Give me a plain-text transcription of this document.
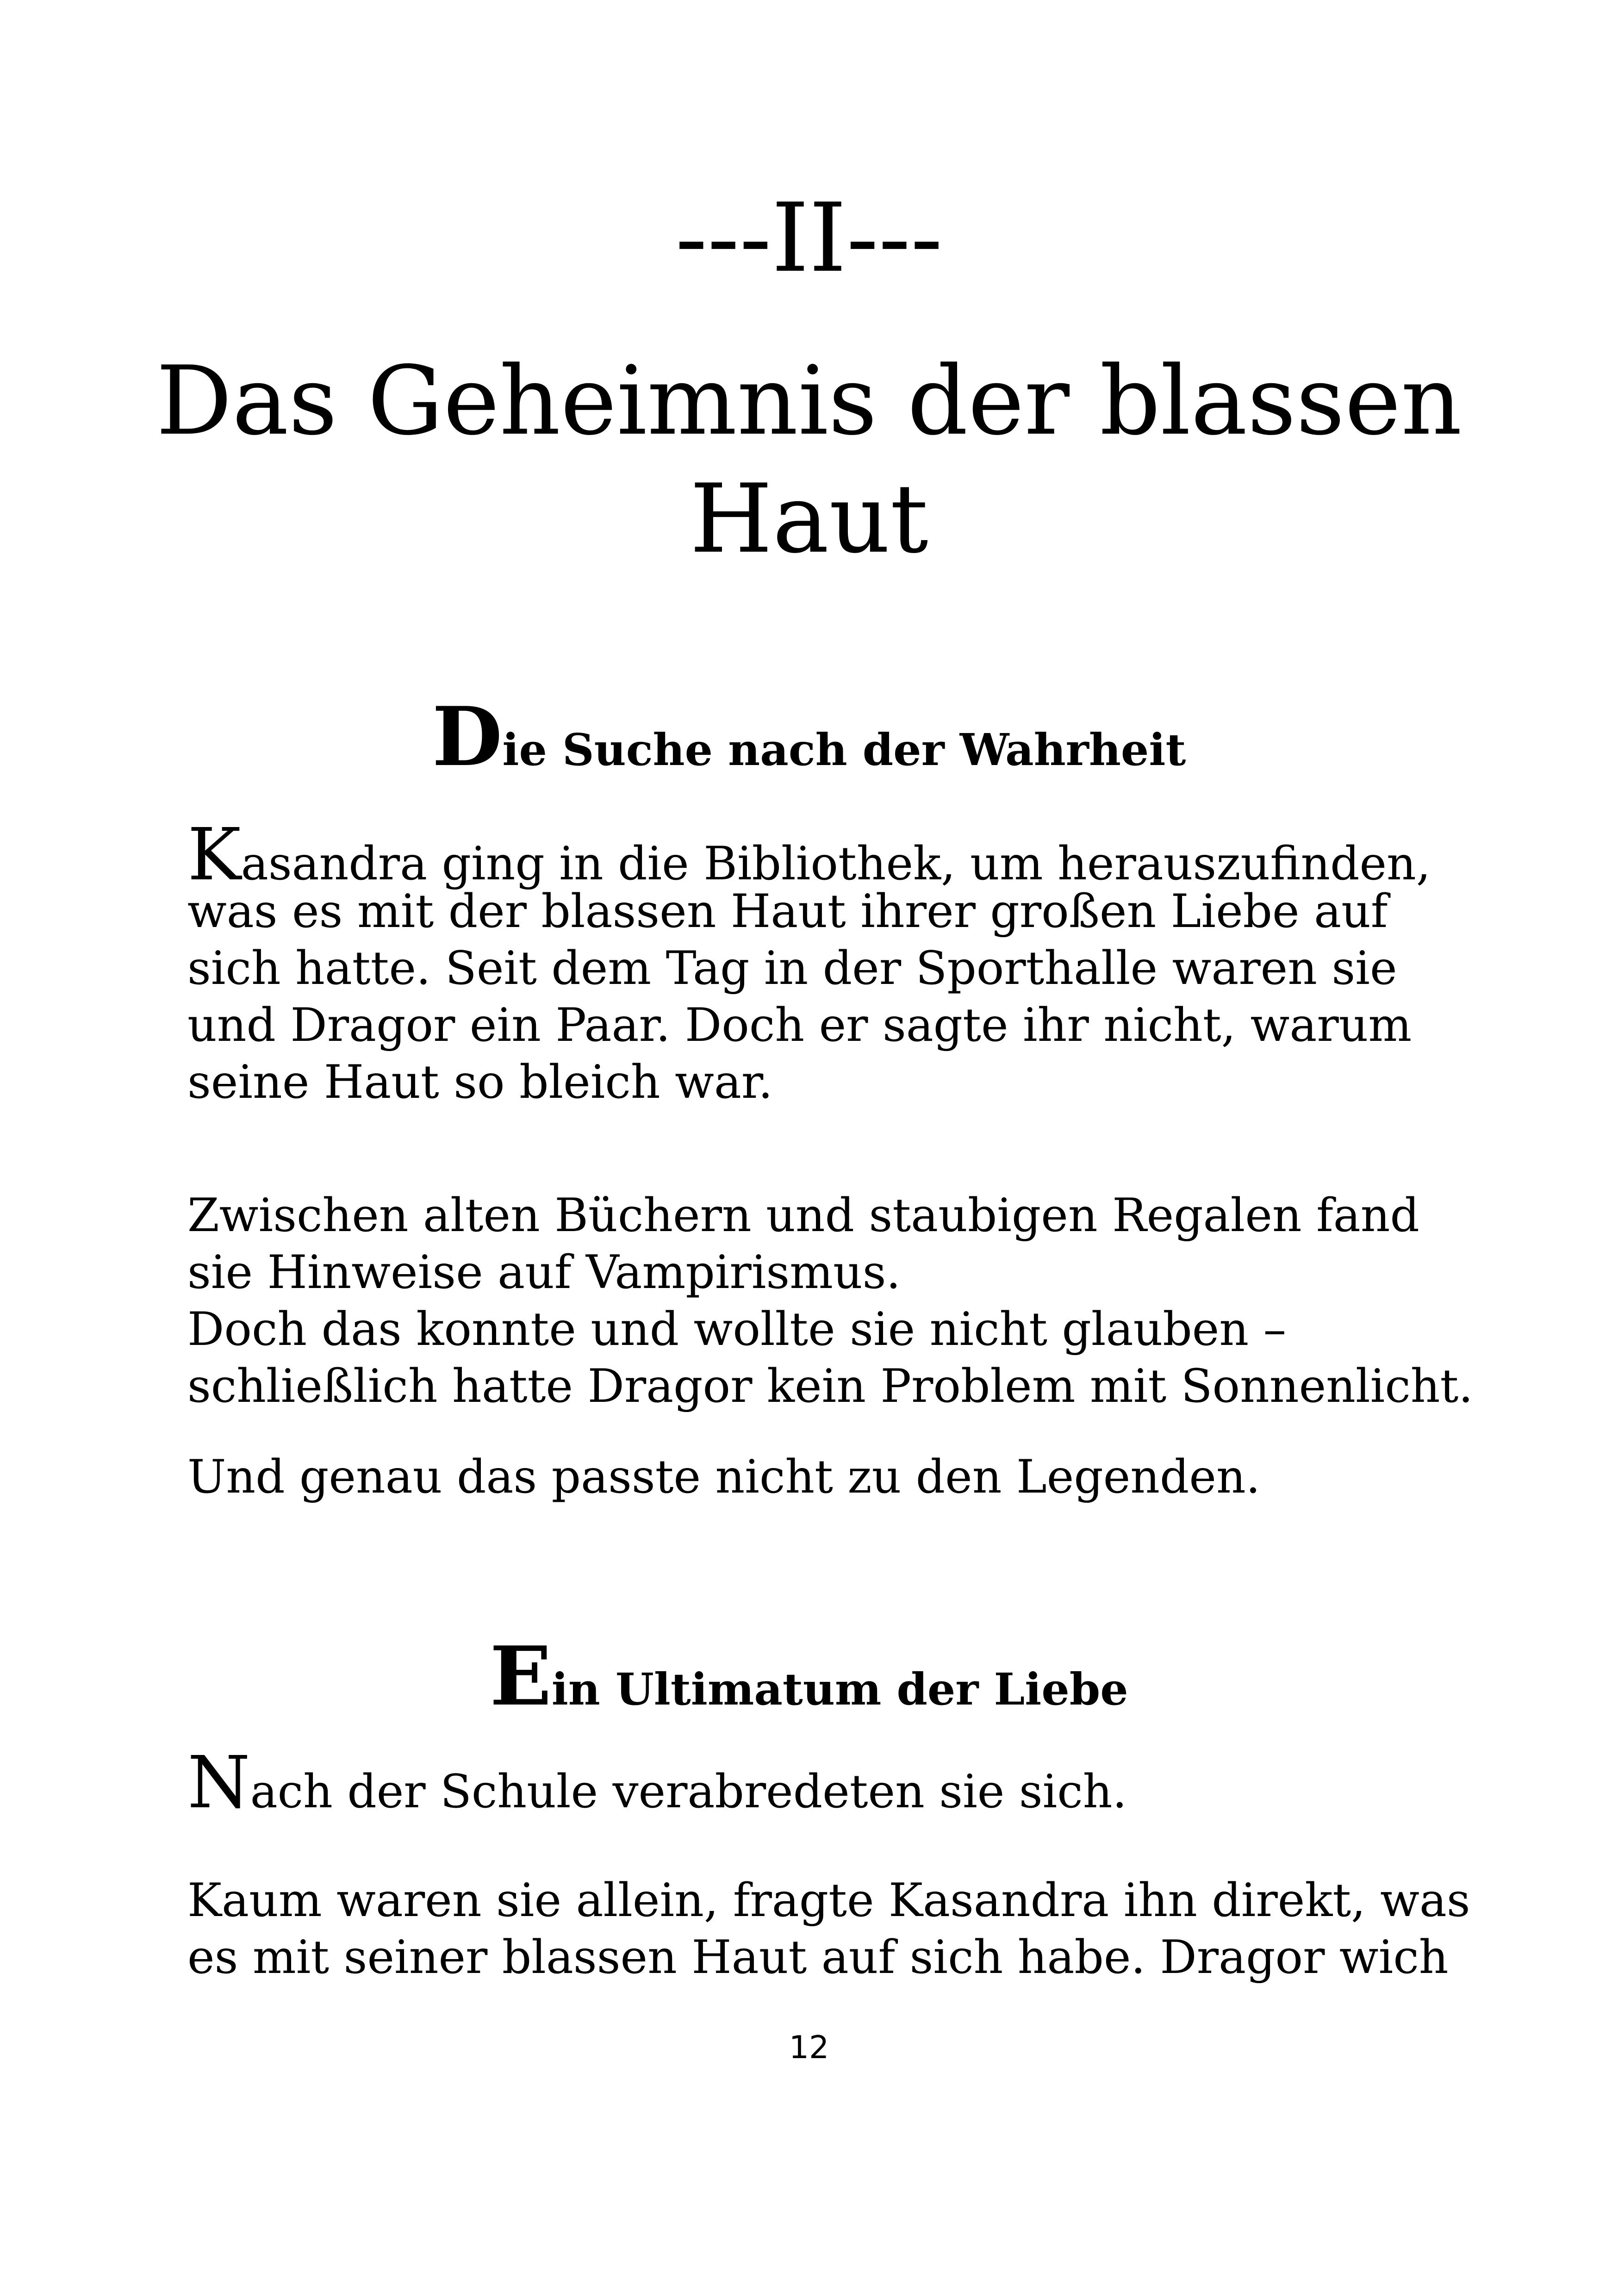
---II---
Das Geheimnis der blassen Haut
Die Suche nach der Wahrheit
Kasandra ging in die Bibliothek, um herauszufinden,
was es mit der blassen Haut ihrer großen Liebe auf
sich hatte. Seit dem Tag in der Sporthalle waren sie
und Dragor ein Paar. Doch er sagte ihr nicht, warum
seine Haut so bleich war.
Zwischen alten Büchern und staubigen Regalen fand
sie Hinweise auf Vampirismus.
Doch das konnte und wollte sie nicht glauben –
schließlich hatte Dragor kein Problem mit Sonnenlicht.
Und genau das passte nicht zu den Legenden.
Ein Ultimatum der Liebe
Nach der Schule verabredeten sie sich.
Kaum waren sie allein, fragte Kasandra ihn direkt, was
es mit seiner blassen Haut auf sich habe. Dragor wich
12
